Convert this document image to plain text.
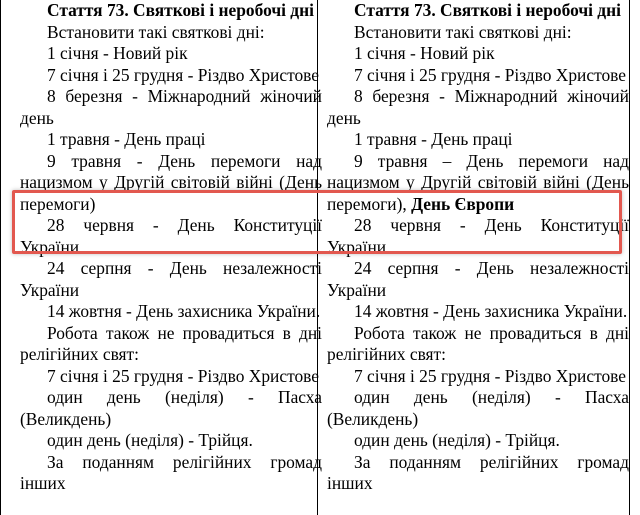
Стаття 73. Святкові і неробочі дні
Встановити такі святкові дні:
1 січня - Новий рік
7 січня і 25 грудня - Різдво Христове
8 березня - Міжнародний жіночий день
1 травня - День праці
9 травня - День перемоги над нацизмом у Другій світовій війні (День перемоги)
28 червня - День Конституції України
24 серпня - День незалежності України
14 жовтня - День захисника України.
Робота також не провадиться в дні релігійних свят:
7 січня і 25 грудня - Різдво Христове
один день (неділя) - Пасха (Великдень)
один день (неділя) - Трійця.
За поданням релігійних громад інших
Стаття 73. Святкові і неробочі дні
Встановити такі святкові дні:
1 січня - Новий рік
7 січня і 25 грудня - Різдво Христове
8 березня - Міжнародний жіночий день
1 травня - День праці
9 травня – День перемоги над нацизмом у Другій світовій війні (День перемоги), День Європи
28 червня - День Конституції України
24 серпня - День незалежності України
14 жовтня - День захисника України.
Робота також не провадиться в дні релігійних свят:
7 січня і 25 грудня - Різдво Христове
один день (неділя) - Пасха (Великдень)
один день (неділя) - Трійця.
За поданням релігійних громад інших
